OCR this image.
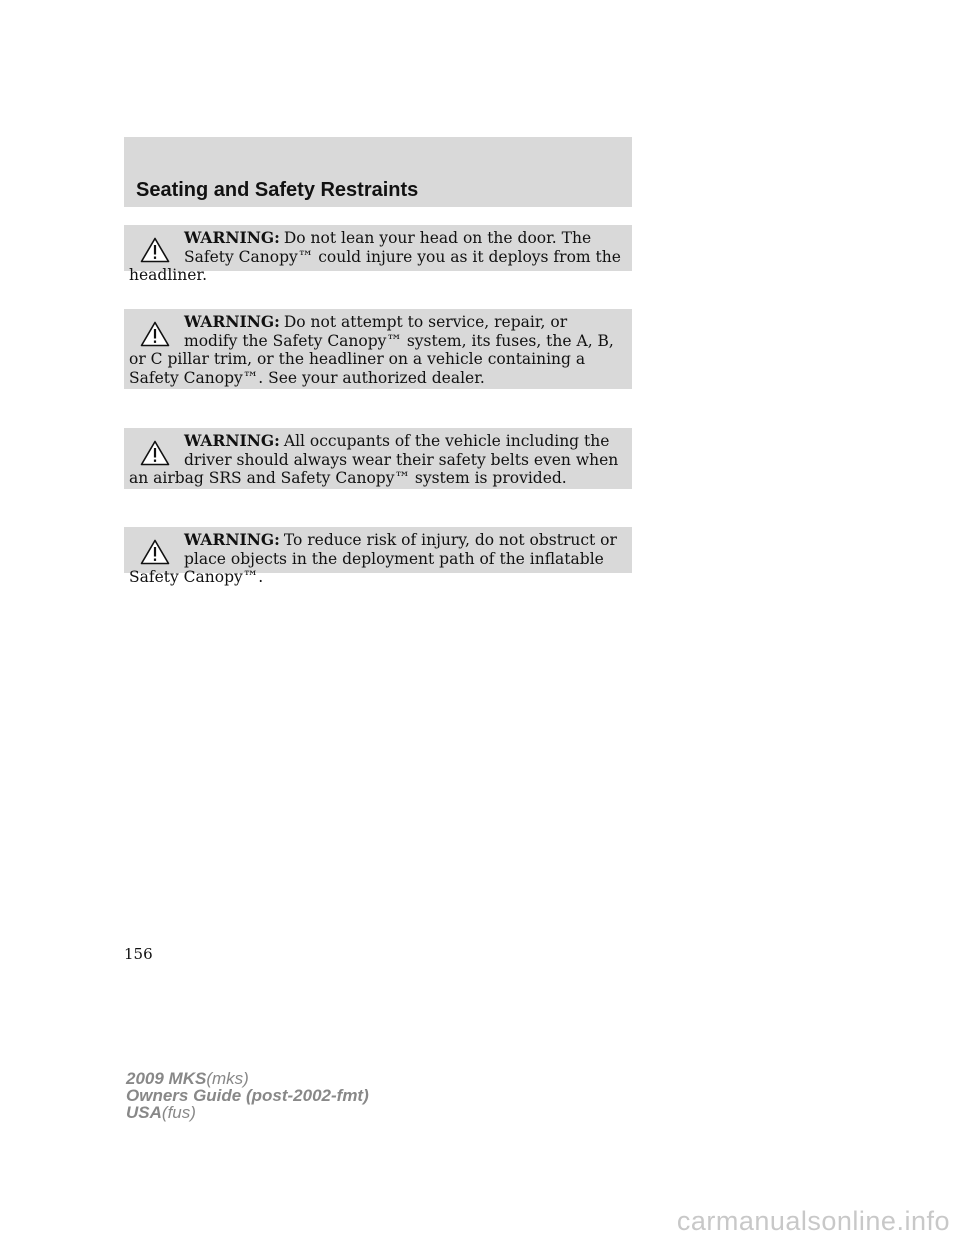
Seating and Safety Restraints
WARNING: Do not lean your head on the door. The Safety Canopy™ could injure you as it deploys from the headliner.
WARNING: Do not attempt to service, repair, or modify the Safety Canopy™ system, its fuses, the A, B, or C pillar trim, or the headliner on a vehicle containing a Safety Canopy™. See your authorized dealer.
WARNING: All occupants of the vehicle including the driver should always wear their safety belts even when an airbag SRS and Safety Canopy™ system is provided.
WARNING: To reduce risk of injury, do not obstruct or place objects in the deployment path of the inflatable Safety Canopy™.
156
2009 MKS(mks)
Owners Guide (post-2002-fmt)
USA(fus)
carmanualsonline.info
